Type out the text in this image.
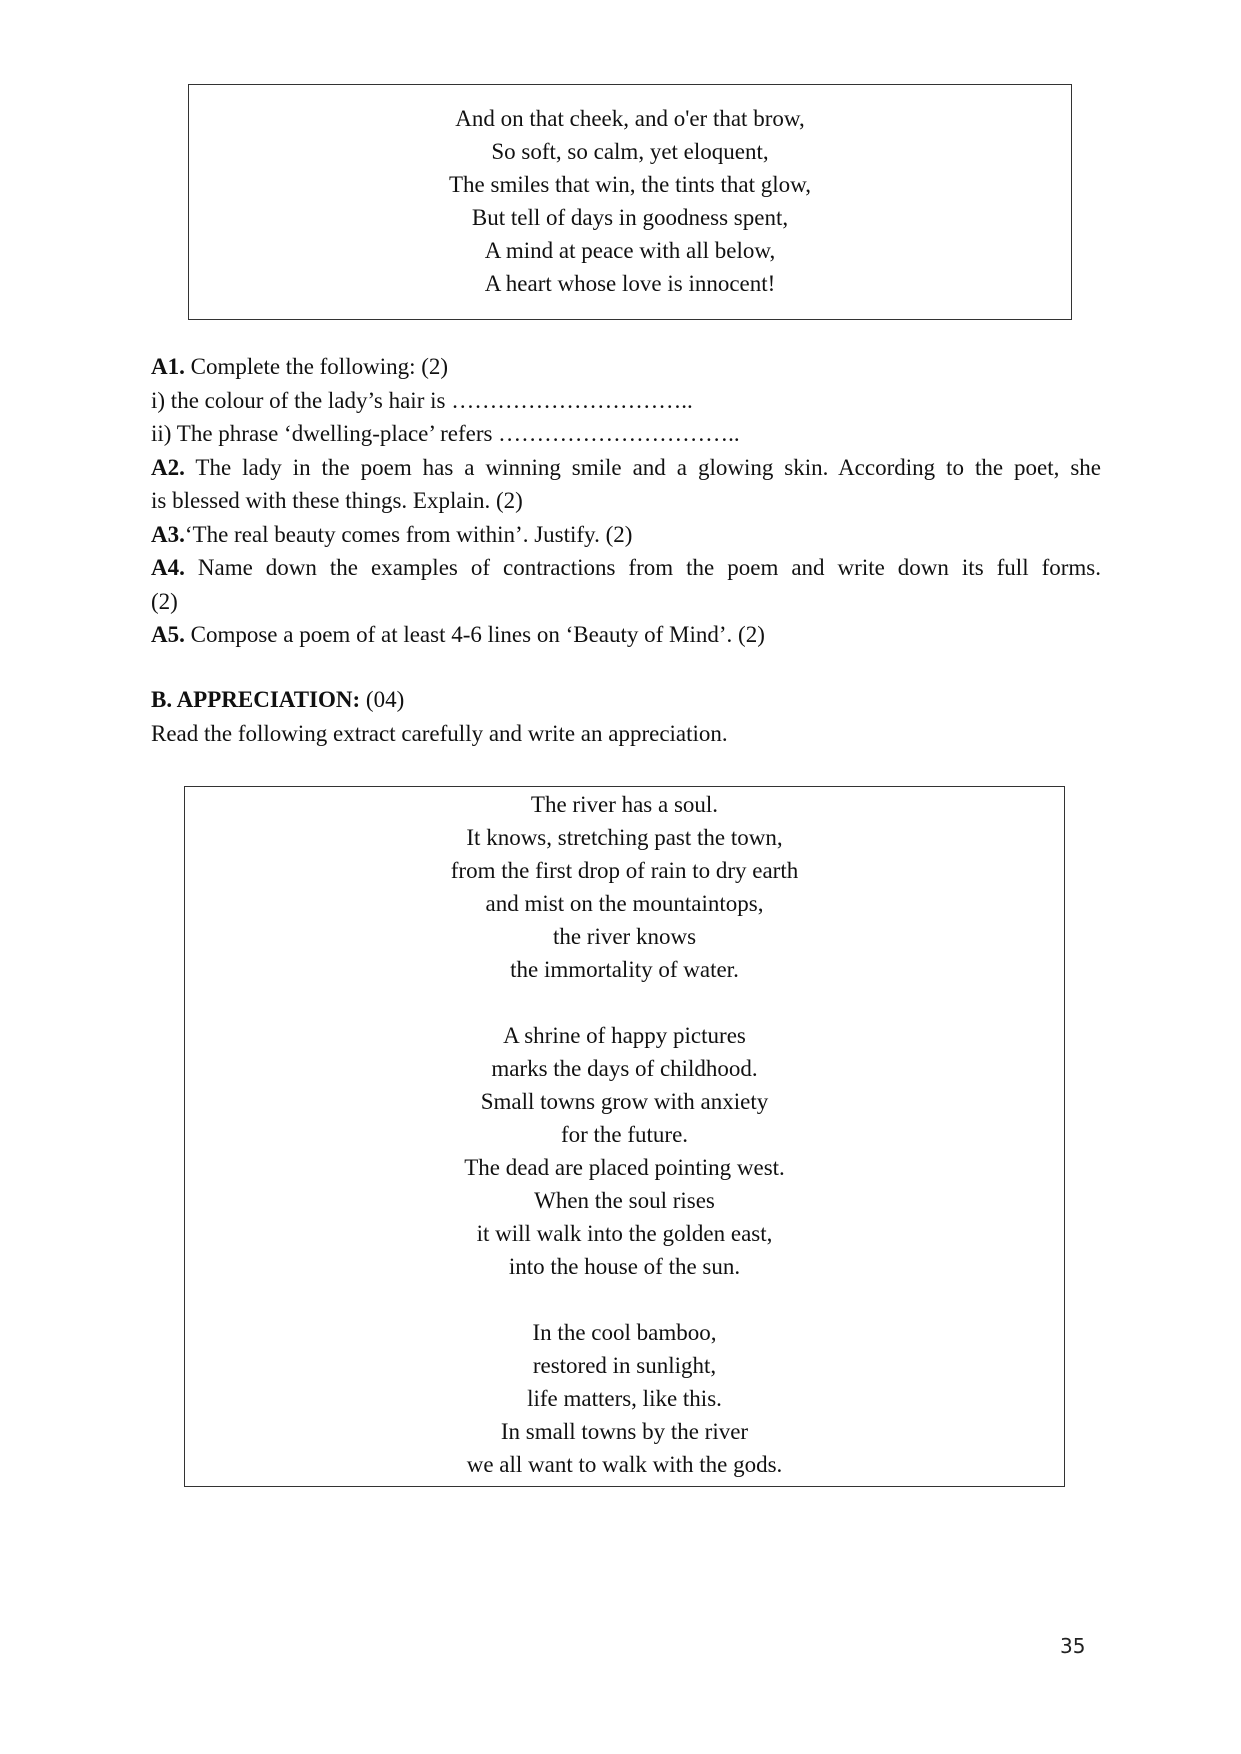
And on that cheek, and o'er that brow,
So soft, so calm, yet eloquent,
The smiles that win, the tints that glow,
But tell of days in goodness spent,
A mind at peace with all below,
A heart whose love is innocent!
A1. Complete the following: (2)
i) the colour of the lady’s hair is …………………………..
ii) The phrase ‘dwelling-place’ refers …………………………..
A2. The lady in the poem has a winning smile and a glowing skin. According to the poet, she
is blessed with these things. Explain. (2)
A3.‘The real beauty comes from within’. Justify. (2)
A4. Name down the examples of contractions from the poem and write down its full forms.
(2)
A5. Compose a poem of at least 4-6 lines on ‘Beauty of Mind’. (2)
B. APPRECIATION: (04)
Read the following extract carefully and write an appreciation.
The river has a soul.
It knows, stretching past the town,
from the first drop of rain to dry earth
and mist on the mountaintops,
the river knows
the immortality of water.
A shrine of happy pictures
marks the days of childhood.
Small towns grow with anxiety
for the future.
The dead are placed pointing west.
When the soul rises
it will walk into the golden east,
into the house of the sun.
In the cool bamboo,
restored in sunlight,
life matters, like this.
In small towns by the river
we all want to walk with the gods.
35
